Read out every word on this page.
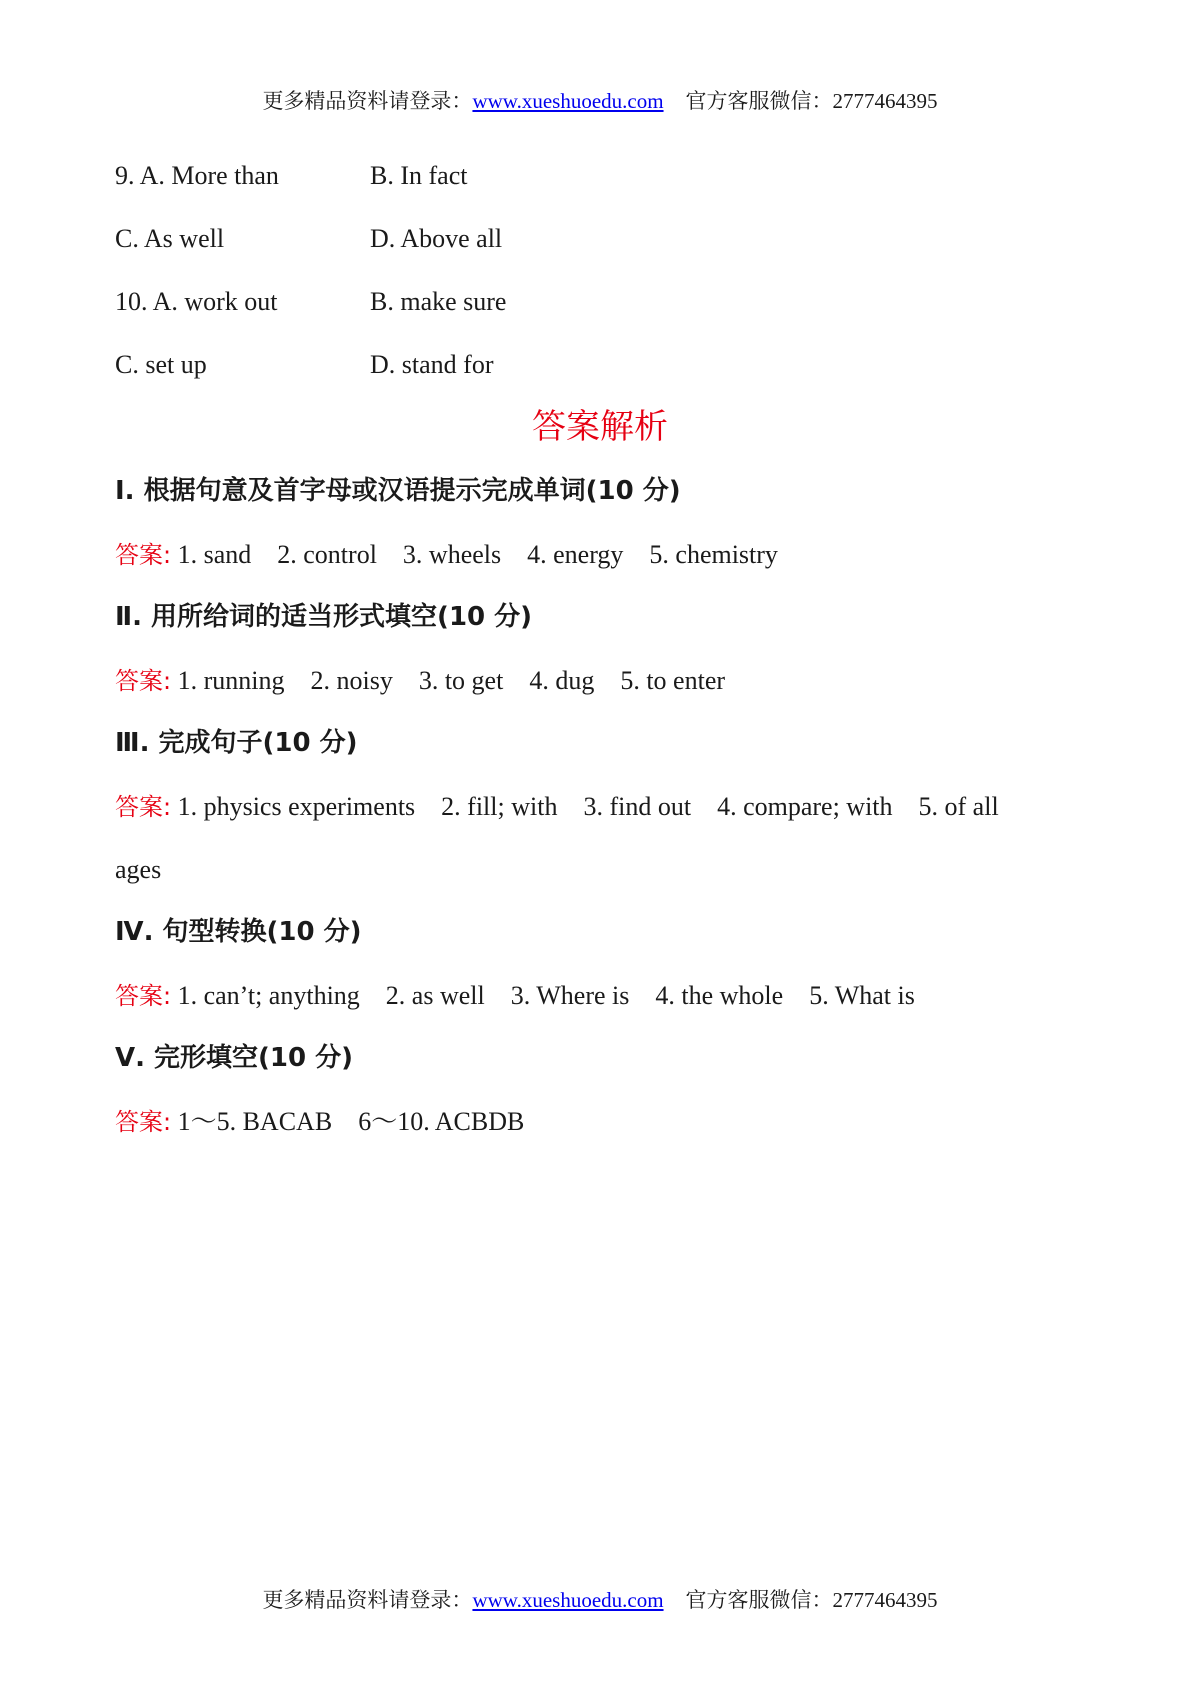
更多精品资料请登录：www.xueshuoedu.com 官方客服微信：2777464395
9. A. More than	B. In fact
C. As well	D. Above all
10. A. work out	B. make sure
C. set up	D. stand for
答案解析
Ⅰ. 根据句意及首字母或汉语提示完成单词(10 分)
答案: 1. sand 2. control 3. wheels 4. energy 5. chemistry
Ⅱ. 用所给词的适当形式填空(10 分)
答案: 1. running 2. noisy 3. to get 4. dug 5. to enter
Ⅲ. 完成句子(10 分)
答案: 1. physics experiments 2. fill; with 3. find out 4. compare; with 5. of all
ages
Ⅳ. 句型转换(10 分)
答案: 1. can’t; anything 2. as well 3. Where is 4. the whole 5. What is
Ⅴ. 完形填空(10 分)
答案: 1～5. BACAB 6～10. ACBDB
更多精品资料请登录：www.xueshuoedu.com 官方客服微信：2777464395
